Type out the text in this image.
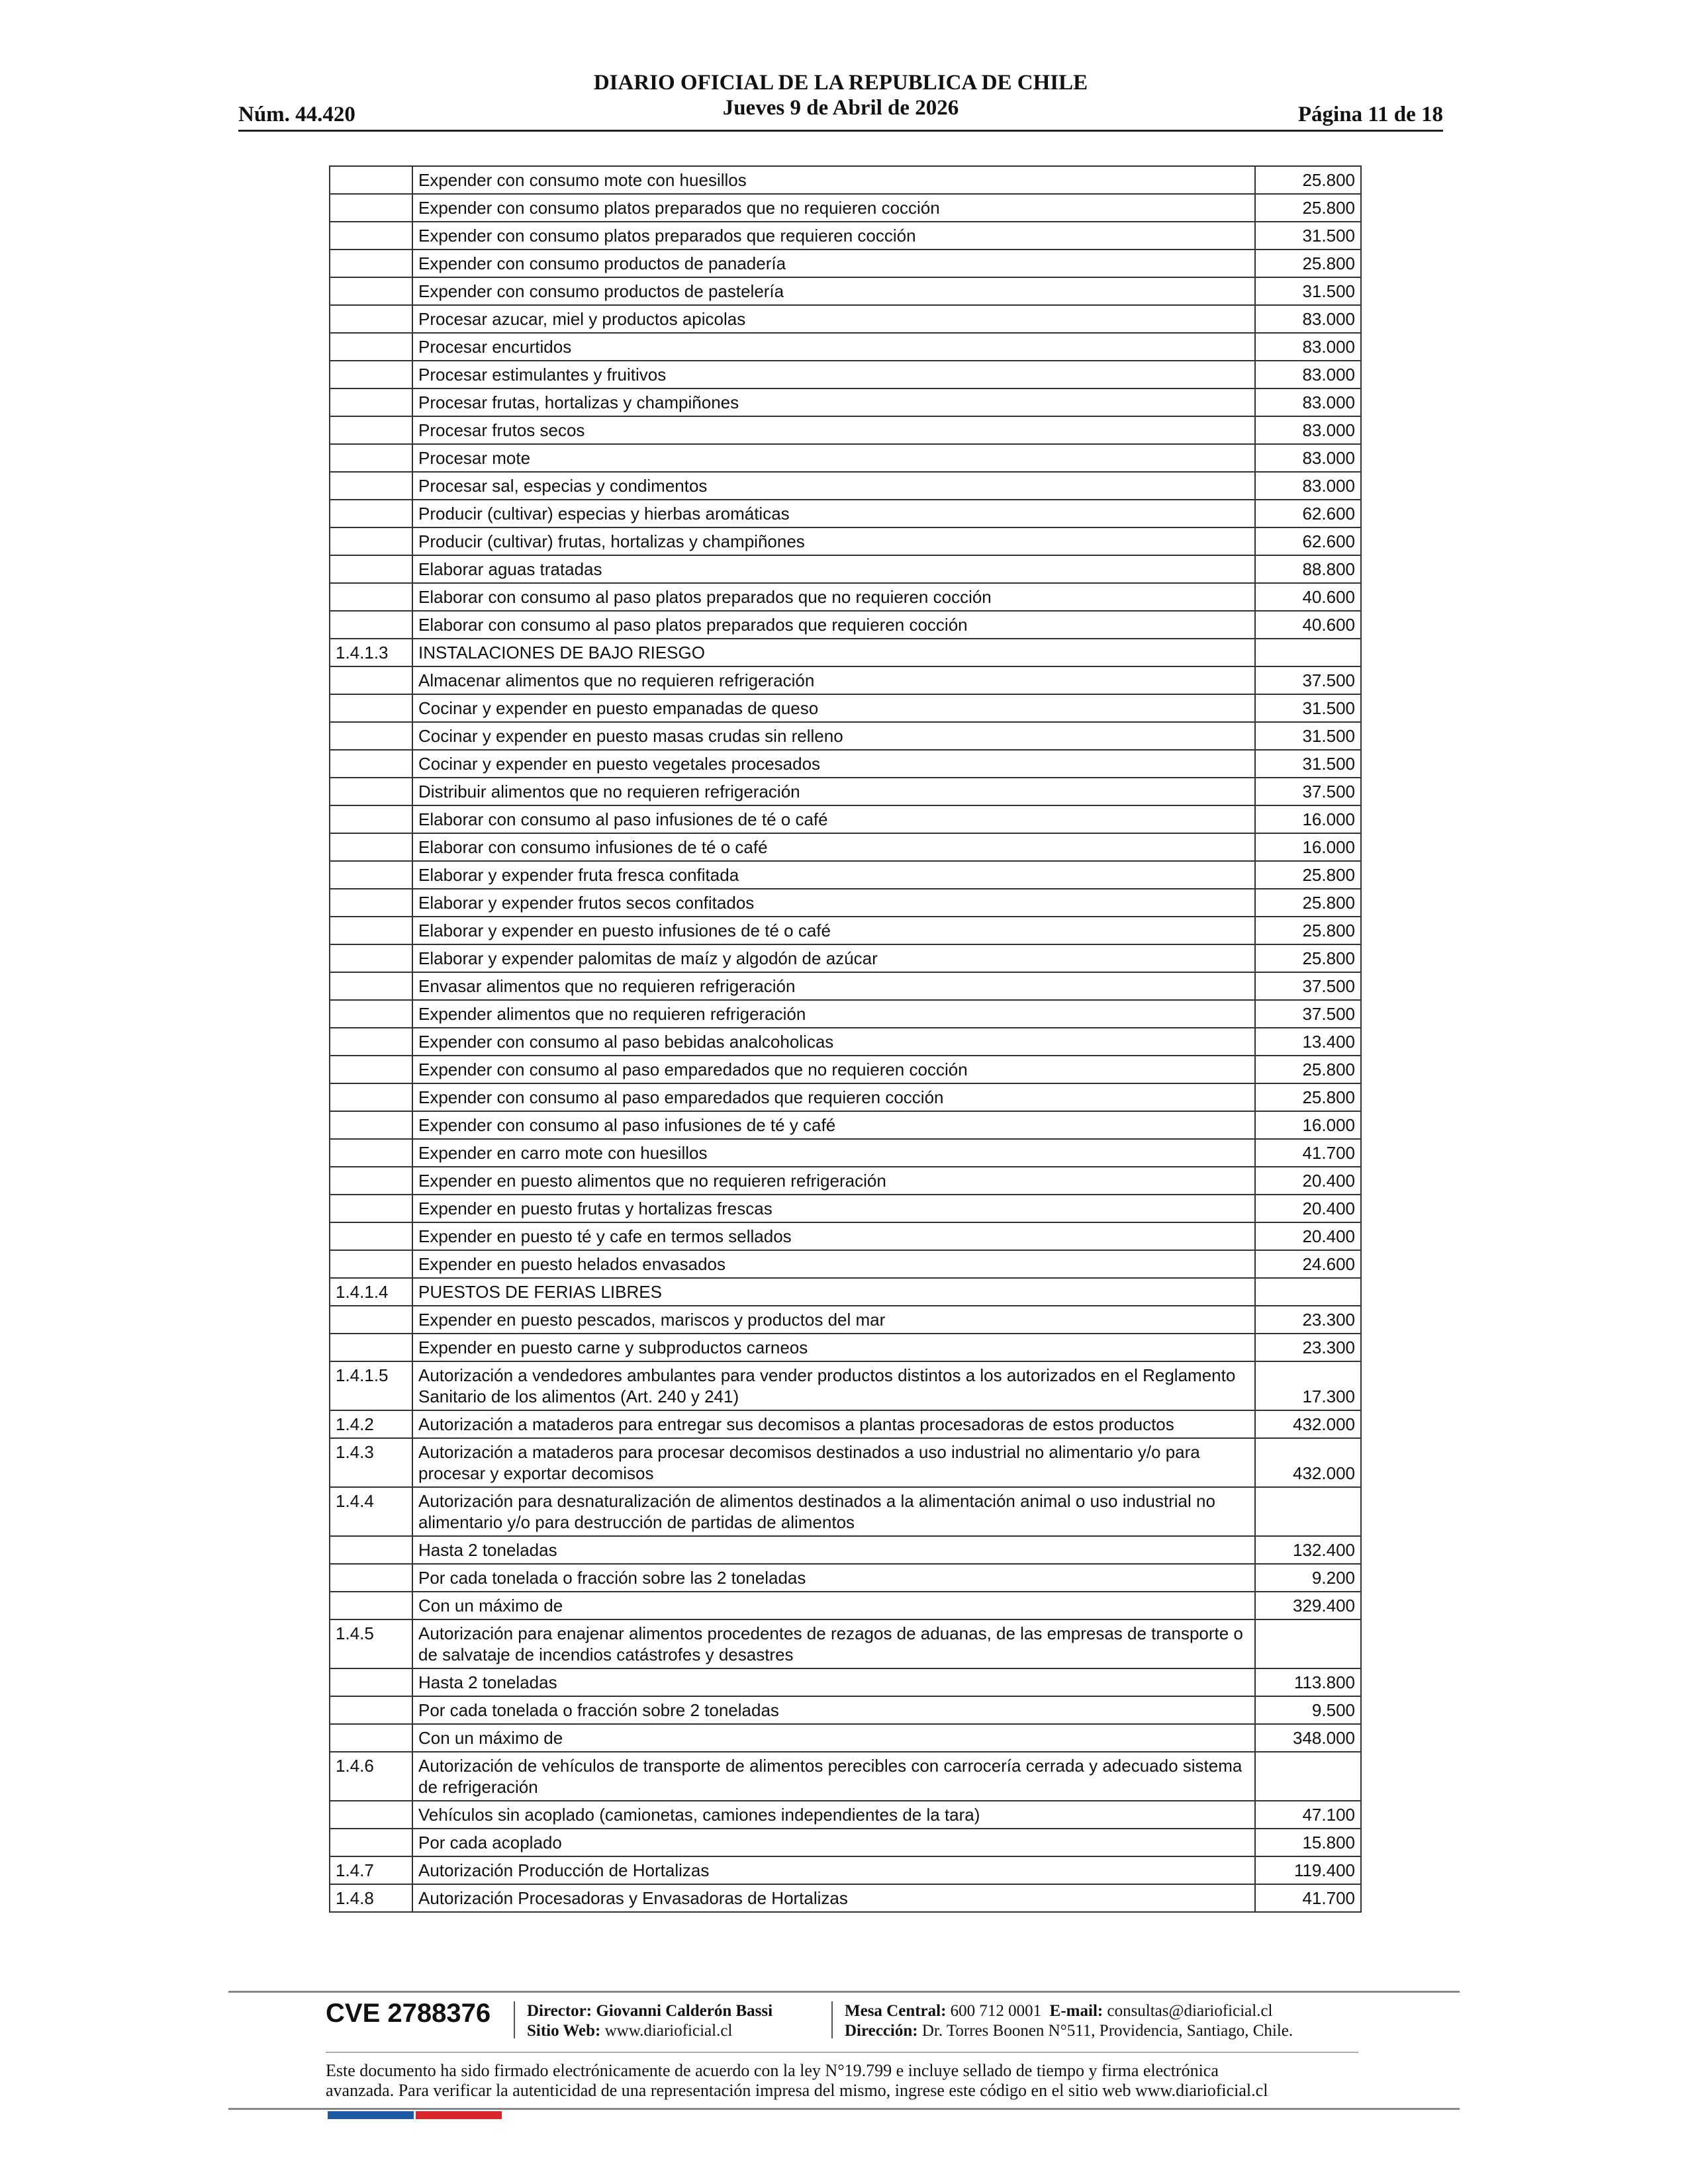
Núm. 44.420
DIARIO OFICIAL DE LA REPUBLICA DE CHILE
Jueves 9 de Abril de 2026	Página 11 de 18
	Expender con consumo mote con huesillos	25.800
	Expender con consumo platos preparados que no requieren cocción	25.800
	Expender con consumo platos preparados que requieren cocción	31.500
	Expender con consumo productos de panadería	25.800
	Expender con consumo productos de pastelería	31.500
	Procesar azucar, miel y productos apicolas	83.000
	Procesar encurtidos	83.000
	Procesar estimulantes y fruitivos	83.000
	Procesar frutas, hortalizas y champiñones	83.000
	Procesar frutos secos	83.000
	Procesar mote	83.000
	Procesar sal, especias y condimentos	83.000
	Producir (cultivar) especias y hierbas aromáticas	62.600
	Producir (cultivar) frutas, hortalizas y champiñones	62.600
	Elaborar aguas tratadas	88.800
	Elaborar con consumo al paso platos preparados que no requieren cocción	40.600
	Elaborar con consumo al paso platos preparados que requieren cocción	40.600
1.4.1.3	INSTALACIONES DE BAJO RIESGO	
	Almacenar alimentos que no requieren refrigeración	37.500
	Cocinar y expender en puesto empanadas de queso	31.500
	Cocinar y expender en puesto masas crudas sin relleno	31.500
	Cocinar y expender en puesto vegetales procesados	31.500
	Distribuir alimentos que no requieren refrigeración	37.500
	Elaborar con consumo al paso infusiones de té o café	16.000
	Elaborar con consumo infusiones de té o café	16.000
	Elaborar y expender fruta fresca confitada	25.800
	Elaborar y expender frutos secos confitados	25.800
	Elaborar y expender en puesto infusiones de té o café	25.800
	Elaborar y expender palomitas de maíz y algodón de azúcar	25.800
	Envasar alimentos que no requieren refrigeración	37.500
	Expender alimentos que no requieren refrigeración	37.500
	Expender con consumo al paso bebidas analcoholicas	13.400
	Expender con consumo al paso emparedados que no requieren cocción	25.800
	Expender con consumo al paso emparedados que requieren cocción	25.800
	Expender con consumo al paso infusiones de té y café	16.000
	Expender en carro mote con huesillos	41.700
	Expender en puesto alimentos que no requieren refrigeración	20.400
	Expender en puesto frutas y hortalizas frescas	20.400
	Expender en puesto té y cafe en termos sellados	20.400
	Expender en puesto helados envasados	24.600
1.4.1.4	PUESTOS DE FERIAS LIBRES	
	Expender en puesto pescados, mariscos y productos del mar	23.300
	Expender en puesto carne y subproductos carneos	23.300
1.4.1.5	Autorización a vendedores ambulantes para vender productos distintos a los autorizados en el Reglamento Sanitario de los alimentos (Art. 240 y 241)	17.300
1.4.2	Autorización a mataderos para entregar sus decomisos a plantas procesadoras de estos productos	432.000
1.4.3	Autorización a mataderos para procesar decomisos destinados a uso industrial no alimentario y/o para procesar y exportar decomisos	432.000
1.4.4	Autorización para desnaturalización de alimentos destinados a la alimentación animal o uso industrial no alimentario y/o para destrucción de partidas de alimentos	
	Hasta 2 toneladas	132.400
	Por cada tonelada o fracción sobre las 2 toneladas	9.200
	Con un máximo de	329.400
1.4.5	Autorización para enajenar alimentos procedentes de rezagos de aduanas, de las empresas de transporte o de salvataje de incendios catástrofes y desastres	
	Hasta 2 toneladas	113.800
	Por cada tonelada o fracción sobre 2 toneladas	9.500
	Con un máximo de	348.000
1.4.6	Autorización de vehículos de transporte de alimentos perecibles con carrocería cerrada y adecuado sistema de refrigeración	
	Vehículos sin acoplado (camionetas, camiones independientes de la tara)	47.100
	Por cada acoplado	15.800
1.4.7	Autorización Producción de Hortalizas	119.400
1.4.8	Autorización Procesadoras y Envasadoras de Hortalizas	41.700
CVE 2788376 Director: Giovanni Calderón Bassi
Sitio Web: www.diarioficial.cl
Mesa Central: 600 712 0001 E-mail: consultas@diarioficial.cl
Dirección: Dr. Torres Boonen N°511, Providencia, Santiago, Chile.
Este documento ha sido firmado electrónicamente de acuerdo con la ley N°19.799 e incluye sellado de tiempo y firma electrónica
avanzada. Para verificar la autenticidad de una representación impresa del mismo, ingrese este código en el sitio web www.diarioficial.cl
